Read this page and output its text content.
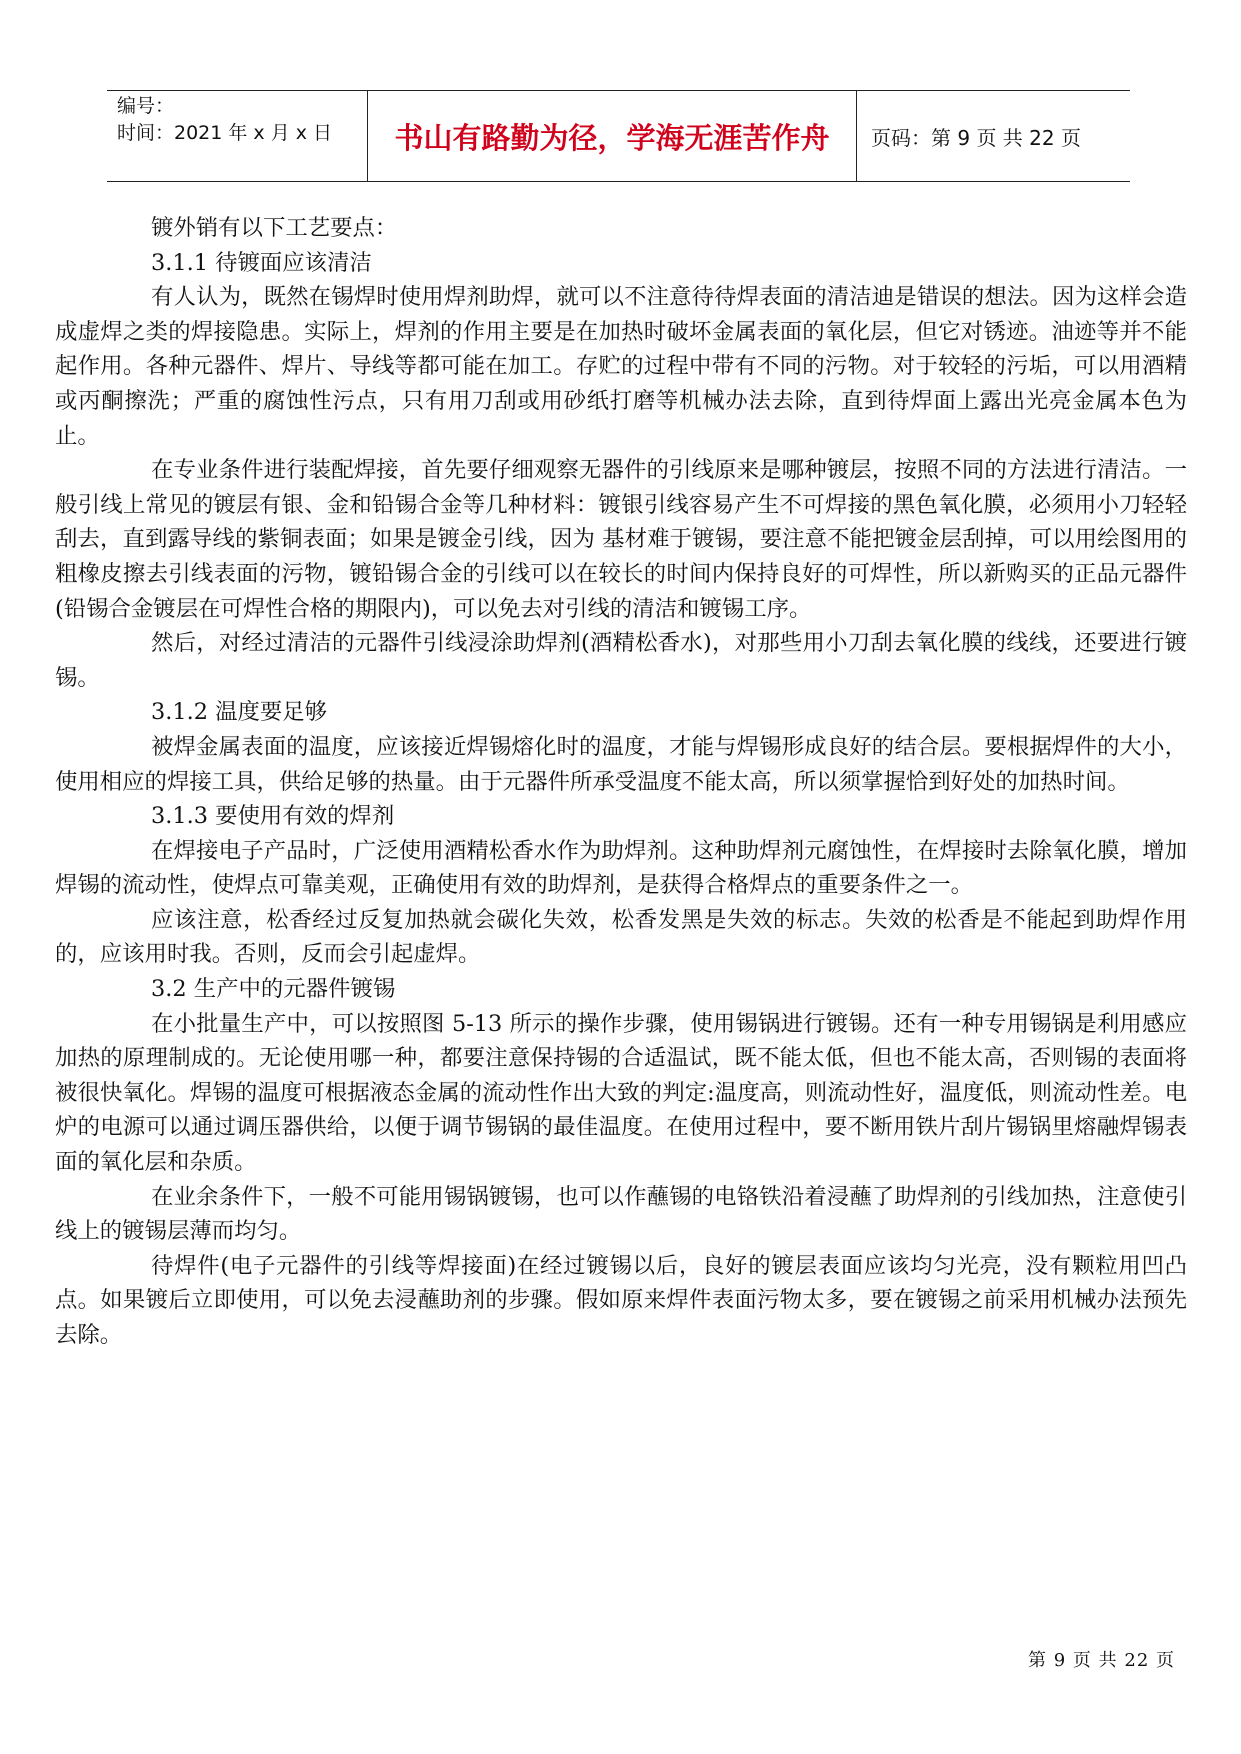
编号：
时间：2021 年 x 月 x 日	书山有路勤为径，学海无涯苦作舟	页码：第 9 页 共 22 页

镀外销有以下工艺要点：

3.1.1 待镀面应该清洁

有人认为，既然在锡焊时使用焊剂助焊，就可以不注意待待焊表面的清洁迪是错误的想法。因为这样会造成虚焊之类的焊接隐患。实际上，焊剂的作用主要是在加热时破坏金属表面的氧化层，但它对锈迹。油迹等并不能起作用。各种元器件、焊片、导线等都可能在加工。存贮的过程中带有不同的污物。对于较轻的污垢，可以用酒精或丙酮擦洗；严重的腐蚀性污点，只有用刀刮或用砂纸打磨等机械办法去除，直到待焊面上露出光亮金属本色为止。

在专业条件进行装配焊接，首先要仔细观察无器件的引线原来是哪种镀层，按照不同的方法进行清洁。一般引线上常见的镀层有银、金和铅锡合金等几种材料：镀银引线容易产生不可焊接的黑色氧化膜，必须用小刀轻轻刮去，直到露导线的紫铜表面；如果是镀金引线，因为 基材难于镀锡，要注意不能把镀金层刮掉，可以用绘图用的粗橡皮擦去引线表面的污物，镀铅锡合金的引线可以在较长的时间内保持良好的可焊性，所以新购买的正品元器件(铅锡合金镀层在可焊性合格的期限内)，可以免去对引线的清洁和镀锡工序。

然后，对经过清洁的元器件引线浸涂助焊剂(酒精松香水)，对那些用小刀刮去氧化膜的线线，还要进行镀锡。

3.1.2 温度要足够

被焊金属表面的温度，应该接近焊锡熔化时的温度，才能与焊锡形成良好的结合层。要根据焊件的大小，使用相应的焊接工具，供给足够的热量。由于元器件所承受温度不能太高，所以须掌握恰到好处的加热时间。

3.1.3 要使用有效的焊剂

在焊接电子产品时，广泛使用酒精松香水作为助焊剂。这种助焊剂元腐蚀性，在焊接时去除氧化膜，增加焊锡的流动性，使焊点可靠美观，正确使用有效的助焊剂，是获得合格焊点的重要条件之一。

应该注意，松香经过反复加热就会碳化失效，松香发黑是失效的标志。失效的松香是不能起到助焊作用的，应该用时我。否则，反而会引起虚焊。

3.2 生产中的元器件镀锡

在小批量生产中，可以按照图 5-13 所示的操作步骤，使用锡锅进行镀锡。还有一种专用锡锅是利用感应加热的原理制成的。无论使用哪一种，都要注意保持锡的合适温试，既不能太低，但也不能太高，否则锡的表面将被很快氧化。焊锡的温度可根据液态金属的流动性作出大致的判定:温度高，则流动性好，温度低，则流动性差。电炉的电源可以通过调压器供给，以便于调节锡锅的最佳温度。在使用过程中，要不断用铁片刮片锡锅里熔融焊锡表面的氧化层和杂质。

在业余条件下，一般不可能用锡锅镀锡，也可以作蘸锡的电铬铁沿着浸蘸了助焊剂的引线加热，注意使引线上的镀锡层薄而均匀。

待焊件(电子元器件的引线等焊接面)在经过镀锡以后，良好的镀层表面应该均匀光亮，没有颗粒用凹凸点。如果镀后立即使用，可以免去浸蘸助剂的步骤。假如原来焊件表面污物太多，要在镀锡之前采用机械办法预先去除。

第 9 页 共 22 页
